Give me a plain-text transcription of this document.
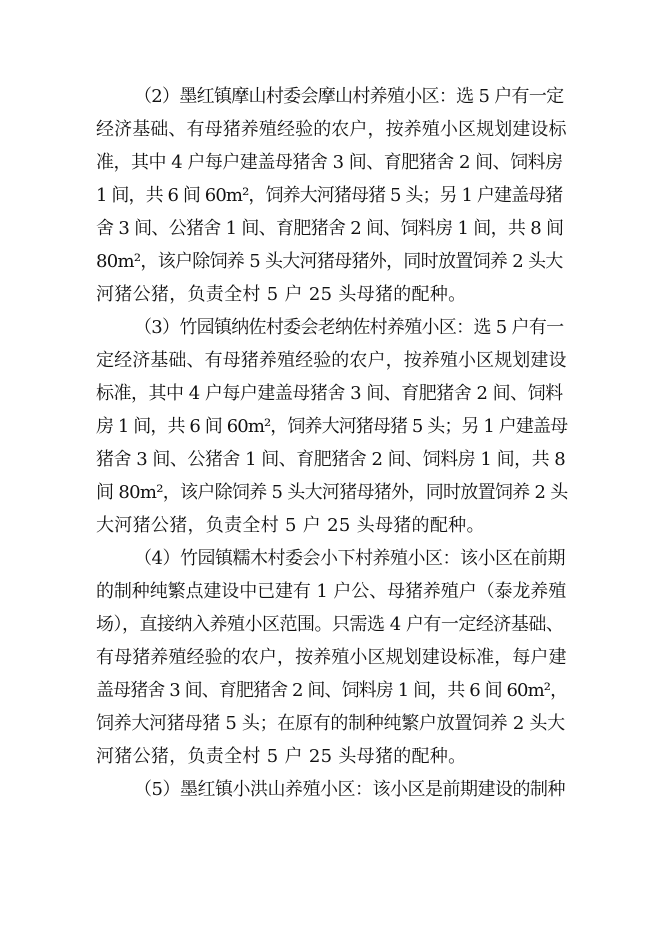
（2）墨红镇摩山村委会摩山村养殖小区：选 5 户有一定
经济基础、有母猪养殖经验的农户，按养殖小区规划建设标
准，其中 4 户每户建盖母猪舍 3 间、育肥猪舍 2 间、饲料房
1 间，共 6 间 60m²，饲养大河猪母猪 5 头；另 1 户建盖母猪
舍 3 间、公猪舍 1 间、育肥猪舍 2 间、饲料房 1 间，共 8 间
80m²，该户除饲养 5 头大河猪母猪外，同时放置饲养 2 头大
河猪公猪，负责全村 5 户 25 头母猪的配种。
（3）竹园镇纳佐村委会老纳佐村养殖小区：选 5 户有一
定经济基础、有母猪养殖经验的农户，按养殖小区规划建设
标准，其中 4 户每户建盖母猪舍 3 间、育肥猪舍 2 间、饲料
房 1 间，共 6 间 60m²，饲养大河猪母猪 5 头；另 1 户建盖母
猪舍 3 间、公猪舍 1 间、育肥猪舍 2 间、饲料房 1 间，共 8
间 80m²，该户除饲养 5 头大河猪母猪外，同时放置饲养 2 头
大河猪公猪，负责全村 5 户 25 头母猪的配种。
（4）竹园镇糯木村委会小下村养殖小区：该小区在前期
的制种纯繁点建设中已建有 1 户公、母猪养殖户（泰龙养殖
场），直接纳入养殖小区范围。只需选 4 户有一定经济基础、
有母猪养殖经验的农户，按养殖小区规划建设标准，每户建
盖母猪舍 3 间、育肥猪舍 2 间、饲料房 1 间，共 6 间 60m²，
饲养大河猪母猪 5 头；在原有的制种纯繁户放置饲养 2 头大
河猪公猪，负责全村 5 户 25 头母猪的配种。
（5）墨红镇小洪山养殖小区：该小区是前期建设的制种
